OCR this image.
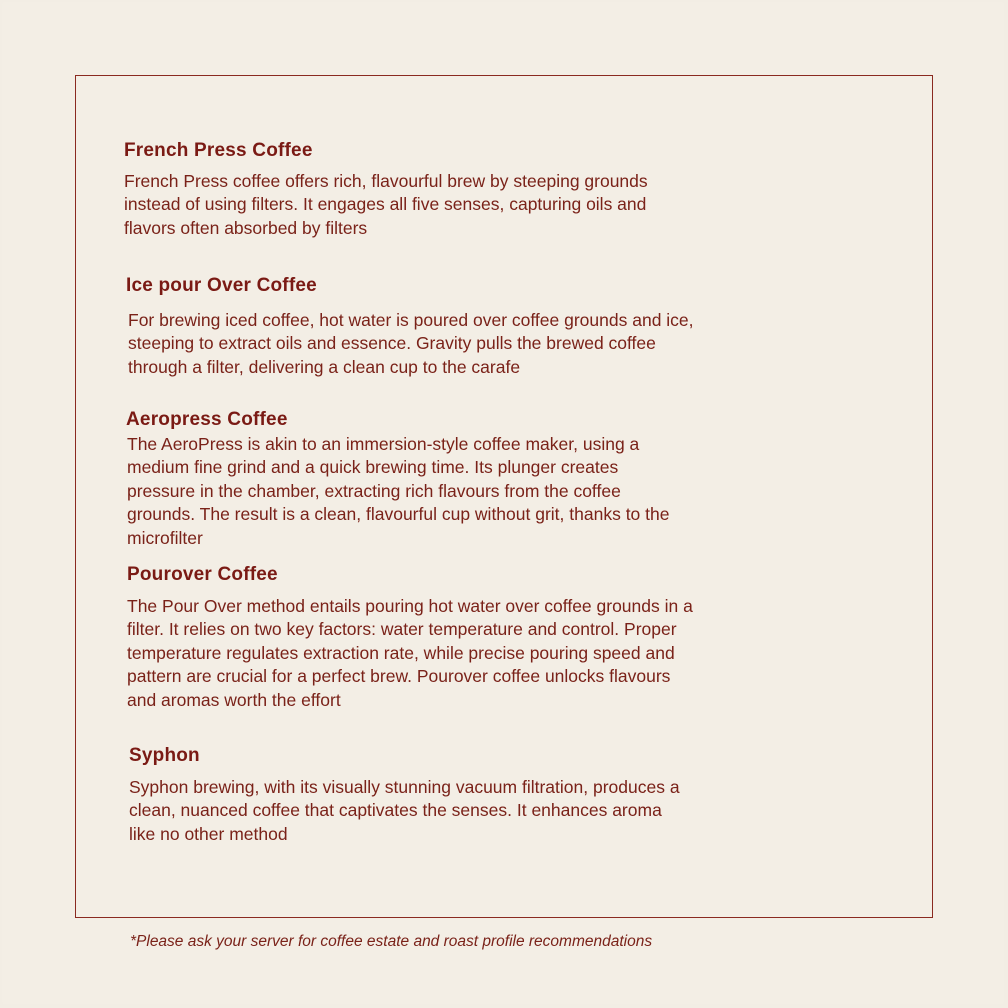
French Press Coffee

French Press coffee offers rich, flavourful brew by steeping grounds
instead of using filters. It engages all five senses, capturing oils and
flavors often absorbed by filters

Ice pour Over Coffee

For brewing iced coffee, hot water is poured over coffee grounds and ice,
steeping to extract oils and essence. Gravity pulls the brewed coffee
through a filter, delivering a clean cup to the carafe

Aeropress Coffee

The AeroPress is akin to an immersion-style coffee maker, using a
medium fine grind and a quick brewing time. Its plunger creates
pressure in the chamber, extracting rich flavours from the coffee
grounds. The result is a clean, flavourful cup without grit, thanks to the
microfilter

Pourover Coffee

The Pour Over method entails pouring hot water over coffee grounds in a
filter. It relies on two key factors: water temperature and control. Proper
temperature regulates extraction rate, while precise pouring speed and
pattern are crucial for a perfect brew. Pourover coffee unlocks flavours
and aromas worth the effort

Syphon

Syphon brewing, with its visually stunning vacuum filtration, produces a
clean, nuanced coffee that captivates the senses. It enhances aroma
like no other method

*Please ask your server for coffee estate and roast profile recommendations
